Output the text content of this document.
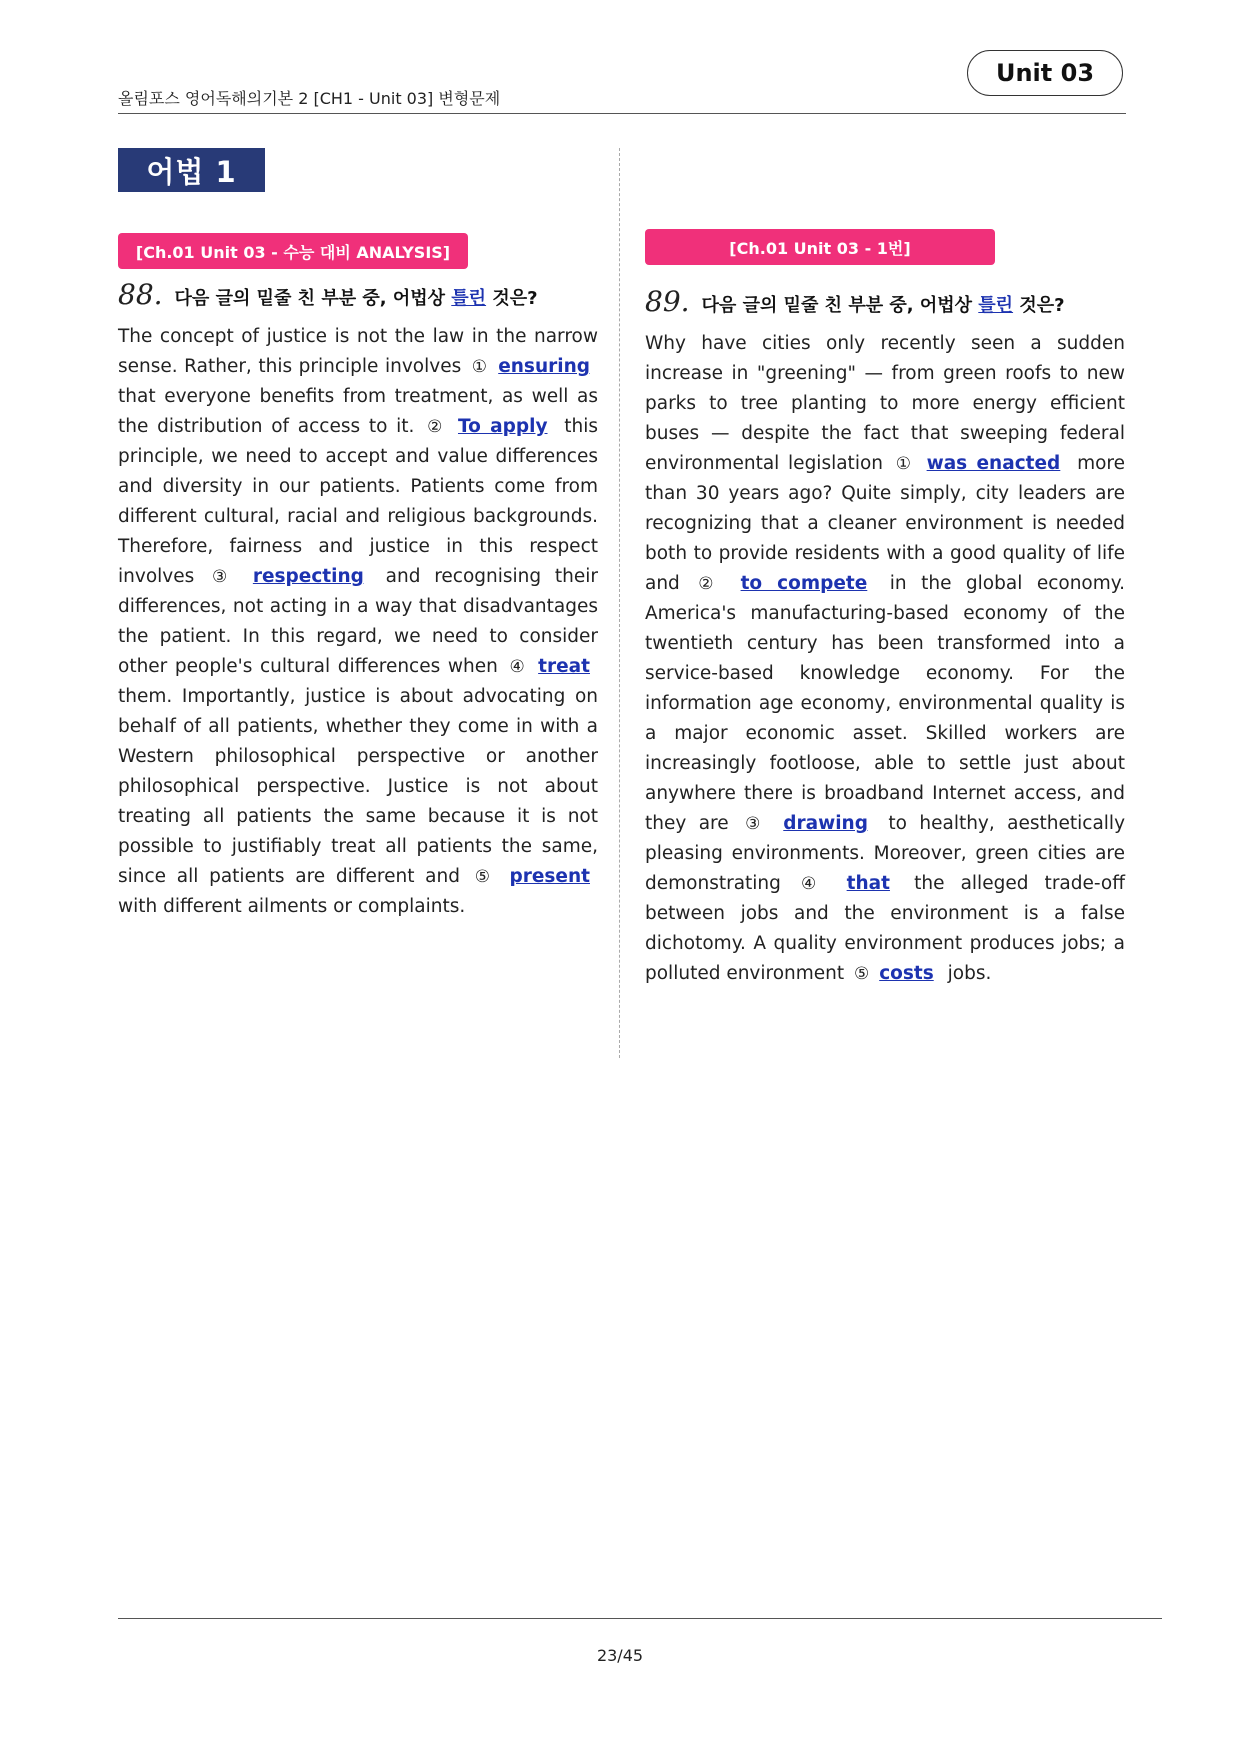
올림포스 영어독해의기본 2 [CH1 - Unit 03] 변형문제
Unit 03
어법 1
[Ch.01 Unit 03 - 수능 대비 ANALYSIS]
88. 다음 글의 밑줄 친 부분 중, 어법상 틀린 것은?
The concept of justice is not the law in the narrow sense. Rather, this principle involves ① ensuring that everyone benefits from treatment, as well as the distribution of access to it. ② To apply this principle, we need to accept and value differences and diversity in our patients. Patients come from different cultural, racial and religious backgrounds. Therefore, fairness and justice in this respect involves ③ respecting and recognising their differences, not acting in a way that disadvantages the patient. In this regard, we need to consider other people's cultural differences when ④ treat them. Importantly, justice is about advocating on behalf of all patients, whether they come in with a Western philosophical perspective or another philosophical perspective. Justice is not about treating all patients the same because it is not possible to justifiably treat all patients the same, since all patients are different and ⑤ present with different ailments or complaints.
[Ch.01 Unit 03 - 1번]
89. 다음 글의 밑줄 친 부분 중, 어법상 틀린 것은?
Why have cities only recently seen a sudden increase in "greening" — from green roofs to new parks to tree planting to more energy efficient buses — despite the fact that sweeping federal environmental legislation ① was enacted more than 30 years ago? Quite simply, city leaders are recognizing that a cleaner environment is needed both to provide residents with a good quality of life and ② to compete in the global economy. America's manufacturing-based economy of the twentieth century has been transformed into a service-based knowledge economy. For the information age economy, environmental quality is a major economic asset. Skilled workers are increasingly footloose, able to settle just about anywhere there is broadband Internet access, and they are ③ drawing to healthy, aesthetically pleasing environments. Moreover, green cities are demonstrating ④ that the alleged trade-off between jobs and the environment is a false dichotomy. A quality environment produces jobs; a polluted environment ⑤ costs jobs.
23/45
